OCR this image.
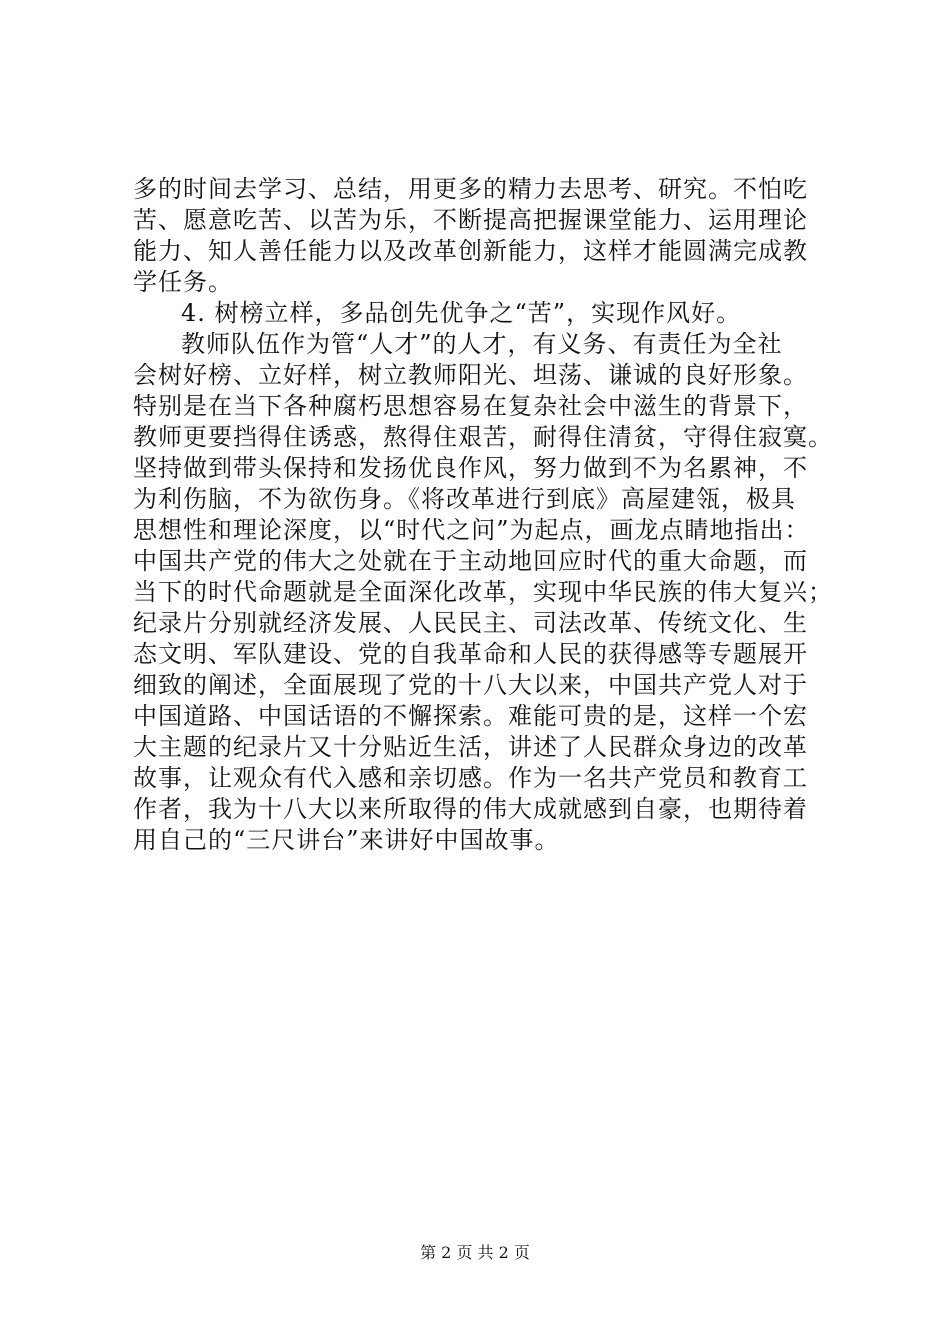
多的时间去学习、总结，用更多的精力去思考、研究。不怕吃
苦、愿意吃苦、以苦为乐，不断提高把握课堂能力、运用理论
能力、知人善任能力以及改革创新能力，这样才能圆满完成教
学任务。
4. 树榜立样，多品创先优争之“苦”，实现作风好。
教师队伍作为管“人才”的人才，有义务、有责任为全社
会树好榜、立好样，树立教师阳光、坦荡、谦诚的良好形象。
特别是在当下各种腐朽思想容易在复杂社会中滋生的背景下，
教师更要挡得住诱惑，熬得住艰苦，耐得住清贫，守得住寂寞。
坚持做到带头保持和发扬优良作风，努力做到不为名累神，不
为利伤脑，不为欲伤身。《将改革进行到底》高屋建瓴，极具
思想性和理论深度，以“时代之问”为起点，画龙点睛地指出：
中国共产党的伟大之处就在于主动地回应时代的重大命题，而
当下的时代命题就是全面深化改革，实现中华民族的伟大复兴；
纪录片分别就经济发展、人民民主、司法改革、传统文化、生
态文明、军队建设、党的自我革命和人民的获得感等专题展开
细致的阐述，全面展现了党的十八大以来，中国共产党人对于
中国道路、中国话语的不懈探索。难能可贵的是，这样一个宏
大主题的纪录片又十分贴近生活，讲述了人民群众身边的改革
故事，让观众有代入感和亲切感。作为一名共产党员和教育工
作者，我为十八大以来所取得的伟大成就感到自豪，也期待着
用自己的“三尺讲台”来讲好中国故事。
第 2 页 共 2 页
